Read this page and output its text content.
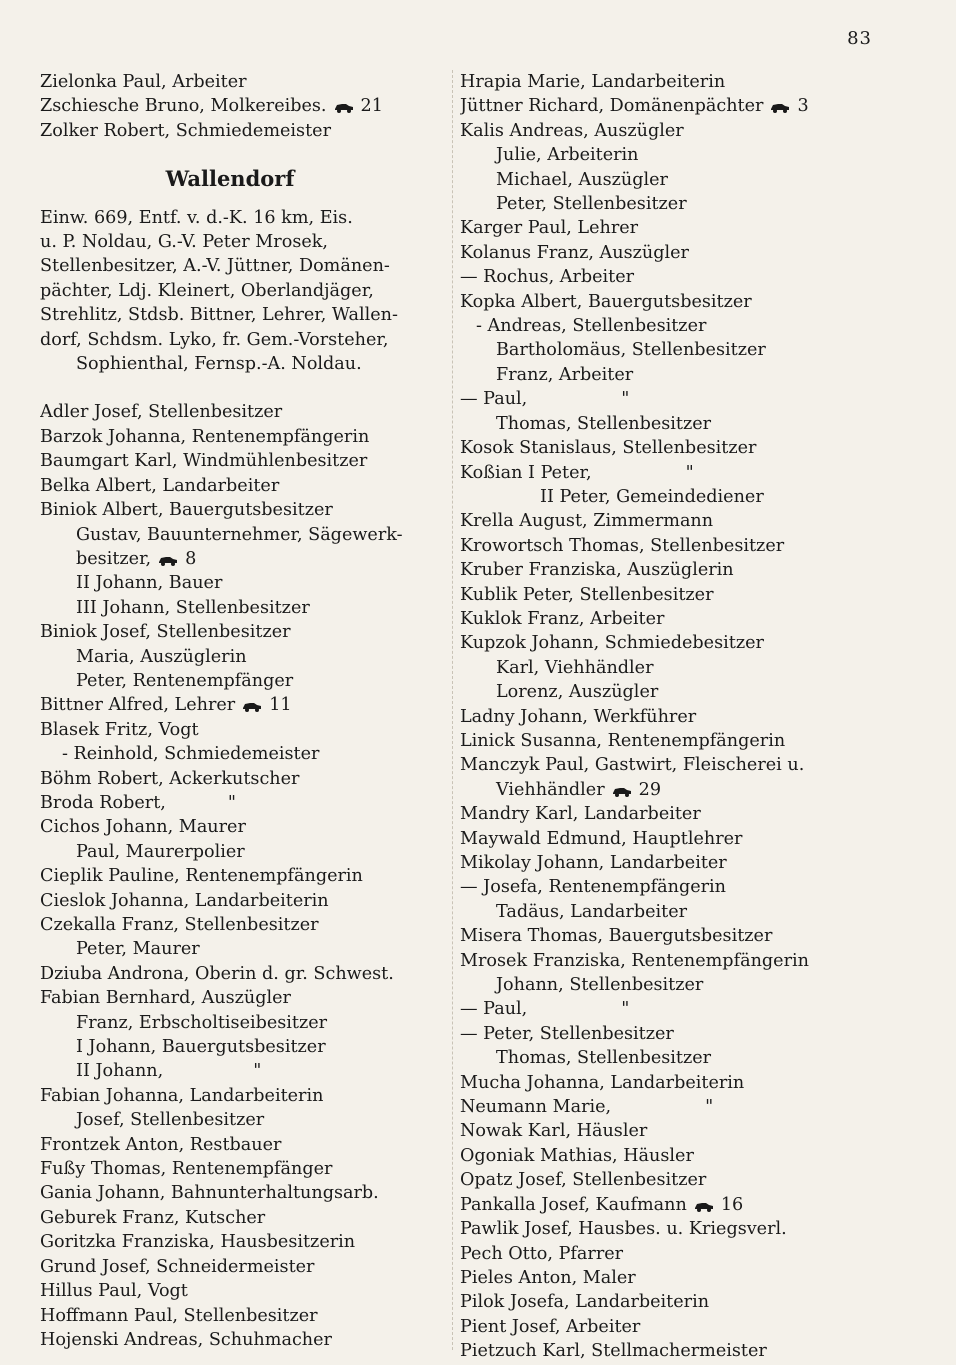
83
Zielonka Paul, Arbeiter
Zschiesche Bruno, Molkereibes. 21
Zolker Robert, Schmiedemeister
Wallendorf
Einw. 669, Entf. v. d.-K. 16 km, Eis.
u. P. Noldau, G.-V. Peter Mrosek,
Stellenbesitzer, A.-V. Jüttner, Domänen-
pächter, Ldj. Kleinert, Oberlandjäger,
Strehlitz, Stdsb. Bittner, Lehrer, Wallen-
dorf, Schdsm. Lyko, fr. Gem.-Vorsteher,
Sophienthal, Fernsp.-A. Noldau.
Adler Josef, Stellenbesitzer
Barzok Johanna, Rentenempfängerin
Baumgart Karl, Windmühlenbesitzer
Belka Albert, Landarbeiter
Biniok Albert, Bauergutsbesitzer
Gustav, Bauunternehmer, Sägewerk-
besitzer, 8
II Johann, Bauer
III Johann, Stellenbesitzer
Biniok Josef, Stellenbesitzer
Maria, Auszüglerin
Peter, Rentenempfänger
Bittner Alfred, Lehrer 11
Blasek Fritz, Vogt
- Reinhold, Schmiedemeister
Böhm Robert, Ackerkutscher
Broda Robert,	"
Cichos Johann, Maurer
Paul, Maurerpolier
Cieplik Pauline, Rentenempfängerin
Cieslok Johanna, Landarbeiterin
Czekalla Franz, Stellenbesitzer
Peter, Maurer
Dziuba Androna, Oberin d. gr. Schwest.
Fabian Bernhard, Auszügler
Franz, Erbscholtiseibesitzer
I Johann, Bauergutsbesitzer
II Johann,	"
Fabian Johanna, Landarbeiterin
Josef, Stellenbesitzer
Frontzek Anton, Restbauer
Fußy Thomas, Rentenempfänger
Gania Johann, Bahnunterhaltungsarb.
Geburek Franz, Kutscher
Goritzka Franziska, Hausbesitzerin
Grund Josef, Schneidermeister
Hillus Paul, Vogt
Hoffmann Paul, Stellenbesitzer
Hojenski Andreas, Schuhmacher
Hrapia Marie, Landarbeiterin
Jüttner Richard, Domänenpächter 3
Kalis Andreas, Auszügler
Julie, Arbeiterin
Michael, Auszügler
Peter, Stellenbesitzer
Karger Paul, Lehrer
Kolanus Franz, Auszügler
— Rochus, Arbeiter
Kopka Albert, Bauergutsbesitzer
- Andreas, Stellenbesitzer
Bartholomäus, Stellenbesitzer
Franz, Arbeiter
— Paul,	"
Thomas, Stellenbesitzer
Kosok Stanislaus, Stellenbesitzer
Koßian I Peter,	"
II Peter, Gemeindediener
Krella August, Zimmermann
Krowortsch Thomas, Stellenbesitzer
Kruber Franziska, Auszüglerin
Kublik Peter, Stellenbesitzer
Kuklok Franz, Arbeiter
Kupzok Johann, Schmiedebesitzer
Karl, Viehhändler
Lorenz, Auszügler
Ladny Johann, Werkführer
Linick Susanna, Rentenempfängerin
Manczyk Paul, Gastwirt, Fleischerei u.
Viehhändler 29
Mandry Karl, Landarbeiter
Maywald Edmund, Hauptlehrer
Mikolay Johann, Landarbeiter
— Josefa, Rentenempfängerin
Tadäus, Landarbeiter
Misera Thomas, Bauergutsbesitzer
Mrosek Franziska, Rentenempfängerin
Johann, Stellenbesitzer
— Paul,	"
— Peter, Stellenbesitzer
Thomas, Stellenbesitzer
Mucha Johanna, Landarbeiterin
Neumann Marie,	"
Nowak Karl, Häusler
Ogoniak Mathias, Häusler
Opatz Josef, Stellenbesitzer
Pankalla Josef, Kaufmann 16
Pawlik Josef, Hausbes. u. Kriegsverl.
Pech Otto, Pfarrer
Pieles Anton, Maler
Pilok Josefa, Landarbeiterin
Pient Josef, Arbeiter
Pietzuch Karl, Stellmachermeister
